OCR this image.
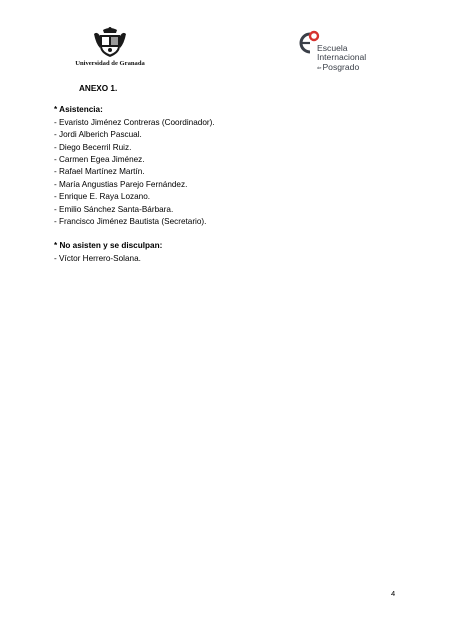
Universidad de Granada
Escuela
Internacional
dePosgrado
ANEXO 1.
* Asistencia:
- Evaristo Jiménez Contreras (Coordinador).
- Jordi Alberich Pascual.
- Diego Becerril Ruiz.
- Carmen Egea Jiménez.
- Rafael Martínez Martín.
- María Angustias Parejo Fernández.
- Enrique E. Raya Lozano.
- Emilio Sánchez Santa-Bárbara.
- Francisco Jiménez Bautista (Secretario).
* No asisten y se disculpan:
- Víctor Herrero-Solana.
4
